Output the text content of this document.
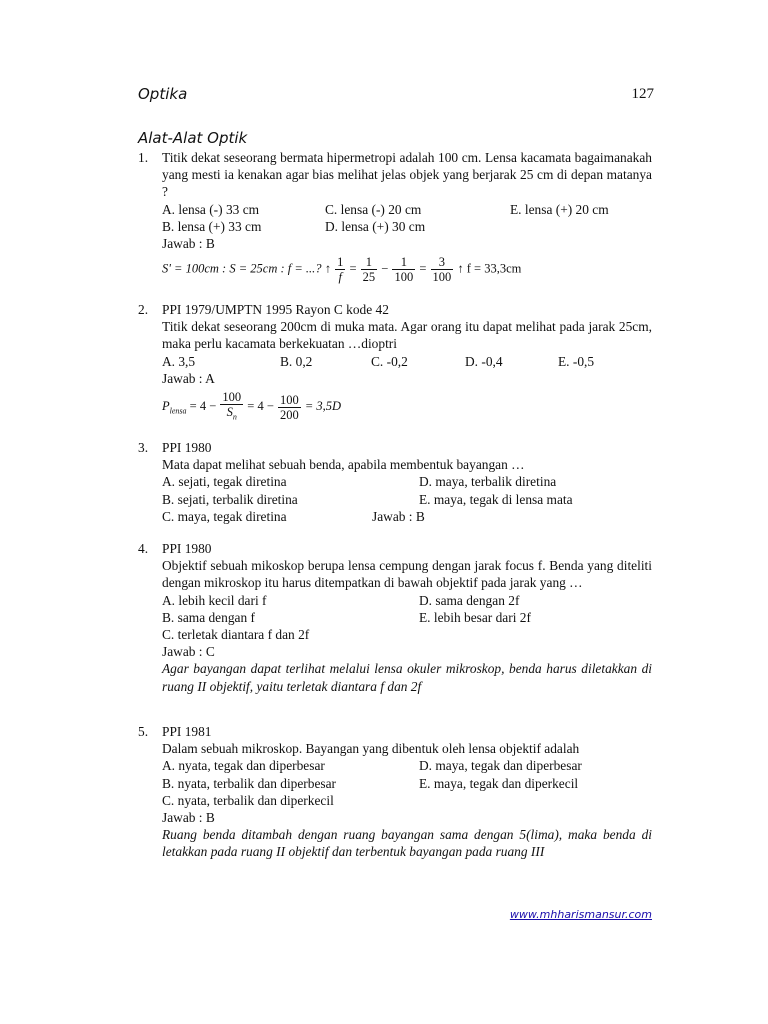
Optika	127
Alat-Alat Optik
1. Titik dekat seseorang bermata hipermetropi adalah 100 cm. Lensa kacamata bagaimanakah yang mesti ia kenakan agar bias melihat jelas objek yang berjarak 25 cm di depan matanya ?
A. lensa (-) 33 cm	C. lensa (-) 20 cm	E. lensa (+) 20 cm
B. lensa (+) 33 cm	D. lensa (+) 30 cm
Jawab : B
S' = 100cm : S = 25cm : f = ...? ↑ $\frac{1}{f} = \frac{1}{25} - \frac{1}{100} = \frac{3}{100}$ ↑ f = 33,3cm
2. PPI 1979/UMPTN 1995 Rayon C kode 42
Titik dekat seseorang 200cm di muka mata. Agar orang itu dapat melihat pada jarak 25cm, maka perlu kacamata berkekuatan …dioptri
A. 3,5	B. 0,2	C. -0,2	D. -0,4	E. -0,5
Jawab : A
$P_{lensa} = 4 - \frac{100}{S_n} = 4 - \frac{100}{200} = 3,5D$
3. PPI 1980
Mata dapat melihat sebuah benda, apabila membentuk bayangan …
A. sejati, tegak diretina	D. maya, terbalik diretina
B. sejati, terbalik diretina	E. maya, tegak di lensa mata
C. maya, tegak diretina	Jawab : B
4. PPI 1980
Objektif sebuah mikoskop berupa lensa cempung dengan jarak focus f. Benda yang diteliti dengan mikroskop itu harus ditempatkan di bawah objektif pada jarak yang …
A. lebih kecil dari f	D. sama dengan 2f
B. sama dengan f	E. lebih besar dari 2f
C. terletak diantara f dan 2f
Jawab : C
Agar bayangan dapat terlihat melalui lensa okuler mikroskop, benda harus diletakkan di ruang II objektif, yaitu terletak diantara f dan 2f
5. PPI 1981
Dalam sebuah mikroskop. Bayangan yang dibentuk oleh lensa objektif adalah
A. nyata, tegak dan diperbesar	D. maya, tegak dan diperbesar
B. nyata, terbalik dan diperbesar	E. maya, tegak dan diperkecil
C. nyata, terbalik dan diperkecil
Jawab : B
Ruang benda ditambah dengan ruang bayangan sama dengan 5(lima), maka benda di letakkan pada ruang II objektif dan terbentuk bayangan pada ruang III
www.mhharismansur.com
